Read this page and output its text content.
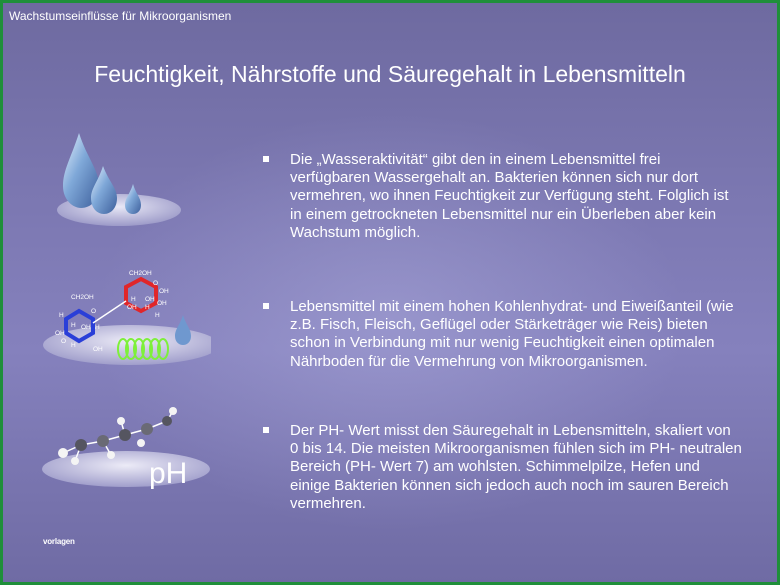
Wachstumseinflüsse für Mikroorganismen
Feuchtigkeit, Nährstoffe und Säuregehalt in Lebensmitteln
CH2OH
CH2OH
O
OH
H
OH
OH
H
OH
H
O
H
OH
H OH H
H
OH
O
pH
Die „Wasseraktivität“ gibt den in einem Lebensmittel frei verfügbaren Wassergehalt an. Bakterien können sich nur dort vermehren, wo ihnen Feuchtigkeit zur Verfügung steht. Folglich ist in einem getrockneten Lebensmittel nur ein Überleben aber kein Wachstum möglich.
Lebensmittel mit einem hohen Kohlenhydrat- und Eiweißanteil (wie z.B. Fisch, Fleisch, Geflügel oder Stärketräger wie Reis) bieten schon in Verbindung mit nur wenig Feuchtigkeit einen optimalen Nährboden für die Vermehrung von Mikroorganismen.
Der PH- Wert misst den Säuregehalt in Lebensmitteln, skaliert von 0 bis 14. Die meisten Mikroorganismen fühlen sich im PH- neutralen Bereich (PH- Wert 7) am wohlsten. Schimmelpilze, Hefen und einige Bakterien können sich jedoch auch noch im sauren Bereich vermehren.
vorlagen
